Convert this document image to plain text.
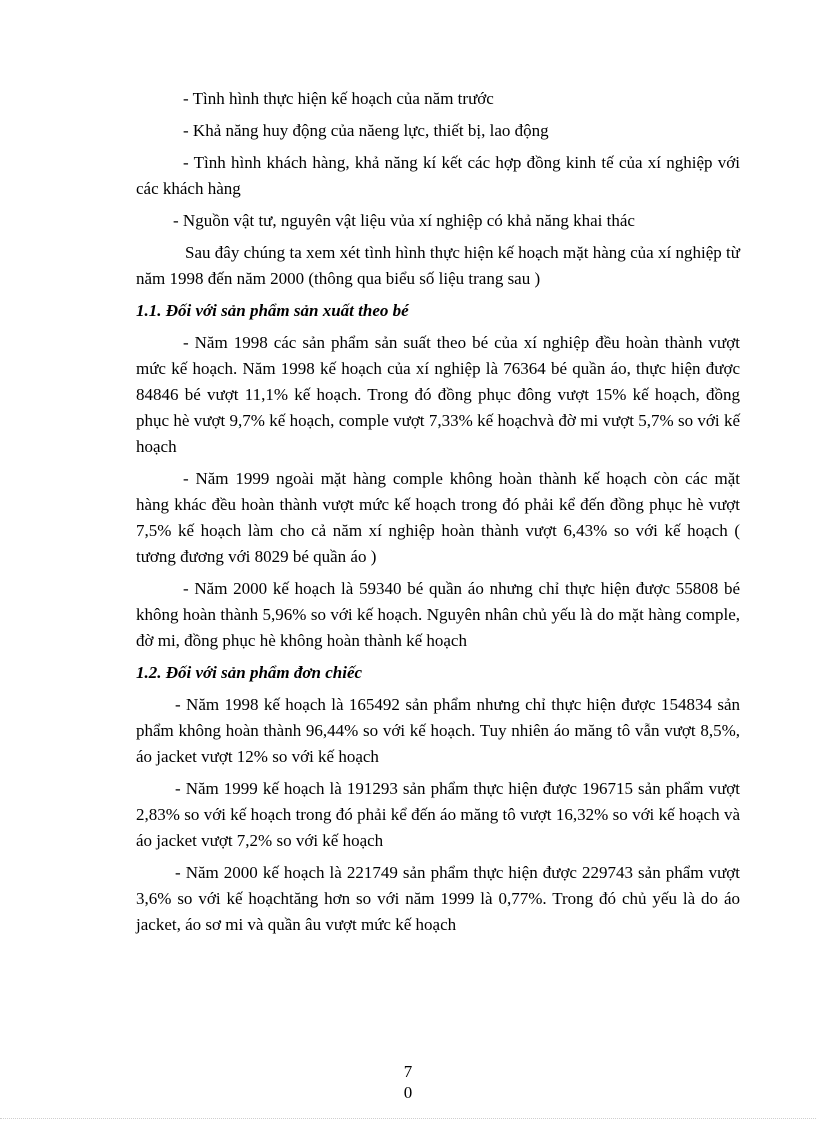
- Tình hình thực hiện kế hoạch của năm trước

- Khả năng huy động của năeng lực, thiết bị, lao động

- Tình hình khách hàng, khả năng kí kết các hợp đồng kinh tế của xí nghiệp với các khách hàng

- Nguồn vật tư, nguyên vật liệu vủa xí nghiệp có khả năng khai thác

Sau đây chúng ta xem xét tình hình thực hiện kế hoạch mặt hàng của xí nghiệp từ năm 1998 đến năm 2000 (thông qua biểu số liệu trang sau )

1.1. Đối với sản phẩm sản xuất theo bé

- Năm 1998 các sản phẩm sản suất theo bé của xí nghiệp đều hoàn thành vượt mức kế hoạch. Năm 1998 kế hoạch của xí nghiệp là 76364 bé quần áo, thực hiện được 84846 bé vượt 11,1% kế hoạch. Trong đó đồng phục đông vượt 15% kế hoạch, đồng phục hè vượt 9,7% kế hoạch, comple vượt 7,33% kế hoạchvà đờ mi vượt 5,7% so với kế hoạch

- Năm 1999 ngoài mặt hàng comple không hoàn thành kế hoạch còn các mặt hàng khác đều hoàn thành vượt mức kế hoạch trong đó phải kể đến đồng phục hè vượt 7,5% kế hoạch làm cho cả năm xí nghiệp hoàn thành vượt 6,43% so với kế hoạch ( tương đương với 8029 bé quần áo )

- Năm 2000 kế hoạch là 59340 bé quần áo nhưng chỉ thực hiện được 55808 bé không hoàn thành 5,96% so với kế hoạch. Nguyên nhân chủ yếu là do mặt hàng comple, đờ mi, đồng phục hè không hoàn thành kế hoạch

1.2. Đối với sản phẩm đơn chiếc

- Năm 1998 kế hoạch là 165492 sản phẩm nhưng chỉ thực hiện được 154834 sản phẩm không hoàn thành 96,44% so với kế hoạch. Tuy nhiên áo măng tô vẫn vượt 8,5%, áo jacket vượt 12% so với kế hoạch

- Năm 1999 kế hoạch là 191293 sản phẩm thực hiện được 196715 sản phẩm vượt 2,83% so với kế hoạch trong đó phải kể đến áo măng tô vượt 16,32% so với kế hoạch và áo jacket vượt 7,2% so với kế hoạch

- Năm 2000 kế hoạch là 221749 sản phẩm thực hiện được 229743 sản phẩm vượt 3,6% so với kế hoạchtăng hơn so với năm 1999 là 0,77%. Trong đó chủ yếu là do áo jacket, áo sơ mi và quần âu vượt mức kế hoạch

7
0
